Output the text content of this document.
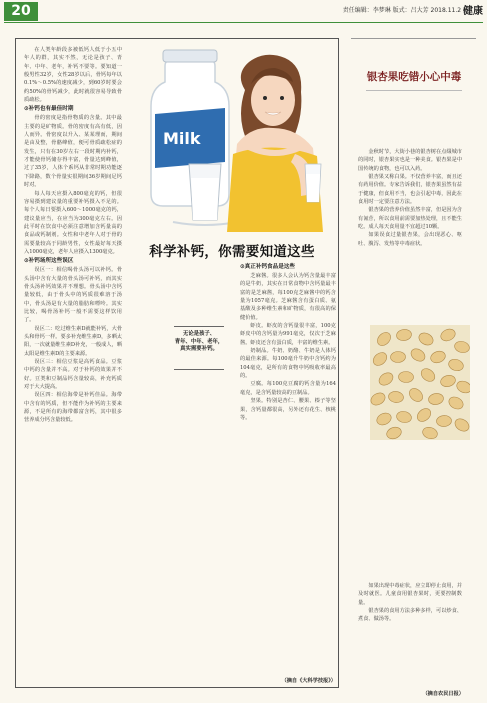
20	责任编辑：李梦琳 版式：吕大芳 2018.11.2 |
健康

在人类年龄段多被低钙人低于小五中年人的群，其实不然，无论是孩子、青年、中年、老年，补钙不要等。要知道一般男性32岁，女性28岁以后，骨钙每年以0.1%～0.5%的速度减少，到60岁时要会约50%的骨钙减少，此时就很容易导致骨质疏松。

⊙补钙也有最佳时期

骨的密度是指骨物质的含量。其中最主要的是矿物质。骨的密度有高有低，因人而异。骨密度以升入、某某理而，期间是由及整，骨骼峰值，便可骨质疏松症的发生，只有在30岁左右一段时期内补钙，才能使骨钙储存得丰富，骨量达到峰值，过了35岁，人体个系钙从非常时期功能逐下降路，数个骨量实很期间36岁期间足钙时对。

每人每天应摄入800毫克的钙，但很容易摄到建议量的重要补钙摄入不足的。每个人每日要摄入600～1000毫克的钙，建议量应当，在应当为300毫克左右。因此平时在饮食中必须注意增加含钙量高的食品或钙制剂。女性和中老年人对于骨的需要量较高于同龄男性，女性最好每天摄入1000毫克，老年人应摄入1300毫克。

⊙补钙场所这些误区

误区一：相信喝骨头汤可以补钙。骨头汤中含有大量的骨头汤可补钙，而其实骨头汤补钙效果并不理想。骨头汤中含钙量较低，由于骨头中的钙质很难溶于汤中，骨头汤是有大量的脂肪和嘌呤。其实比较，喝骨汤补钙一般不需要这样饮用了。

误区二：吃过维生素D就能补钙，大骨头和骨钙一样。要多补充维生素D，多晒太阳，一次就量维生素D补充，一般成人，晒太阳是维生素D的主要来源。

误区三：相信豆浆是高钙食品。豆浆中钙的含量并不高。对于补钙的效果并不好。豆类和豆制品钙含量较高，补充钙质对于大大提高。

误区四：相信海带是补钙佳品。海带中含有的钙质，但不能作为补钙的主要来源，不是所有的海带都富含钙，其中很多营养成分钙含量较低。

Milk
科学补钙，你需要知道这些
无论是孩子、
青年、中年、老年，
真实需要补钙。
⊙真正补钙食品是这些

芝麻酱。很多人会认为钙含量最丰富的是牛奶，其实在日常食物中含钙量最丰富的是芝麻酱，每100克芝麻酱中的钙含量为1057毫克。芝麻酱含有蛋白质、氨基酸及多种维生素和矿物质，有很高的保健价值。

虾皮。虾皮的含钙量很丰富，100克虾皮中的含钙量为991毫克，仅次于芝麻酱。虾皮还含有蛋白质，丰富的维生素。

奶制品。牛奶、奶酪、牛奶是人体钙的最佳来源。每100毫升牛奶中含钙约为104毫克，是所有的食物中钙吸收率最高的。

豆腐。每100克豆腐的钙含量为164毫克，是含钙量较高的豆制品。

坚果。特别是杏仁、腰果、榛子等坚果，含钙量都很高，另外还有花生、核桃等。

（摘自《大科学技报》）
银杏果吃错小心中毒

金秋时节，大街小巷的银杏树在点缀城市的同时，银杏果实也是一种美食。银杏果是中国传统的食物，也可以入药。

银杏果又称白果。不仅营养丰富，而且还有药用价值。专家告诉我们，银杏果虽然有益于健康，但食用不当，也会引起中毒，因此在食用时一定要注意方法。

银杏果的营养价值虽然丰富，但是因为含有氰苷，所以食用前需要加热处理，且不能生吃。成人每天食用量不宜超过10颗。

如果误食过量银杏果，会出现恶心、呕吐、腹泻、发热等中毒症状。

如果出现中毒症状，应立即停止食用，并及时就医。儿童食用银杏果时，更要控制数量。

银杏果的食用方法多种多样，可以炒食、煮食、做汤等。

（摘自农民日报）
